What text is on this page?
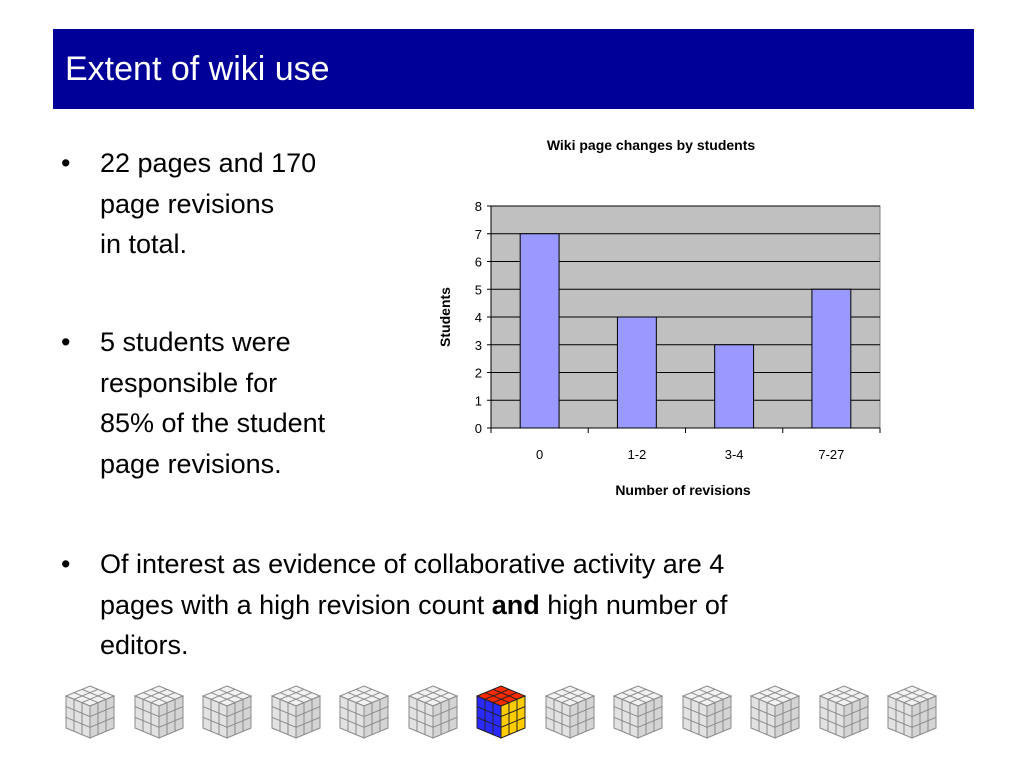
Extent of wiki use
• 22 pages and 170
page revisions
in total.
• 5 students were
responsible for
85% of the student
page revisions.
• Of interest as evidence of collaborative activity are 4
pages with a high revision count and high number of
editors.
Wiki page changes by students
0
1
2
3
4
5
6
7
8
0	1-2	3-4	7-27
Number of revisions
Students
